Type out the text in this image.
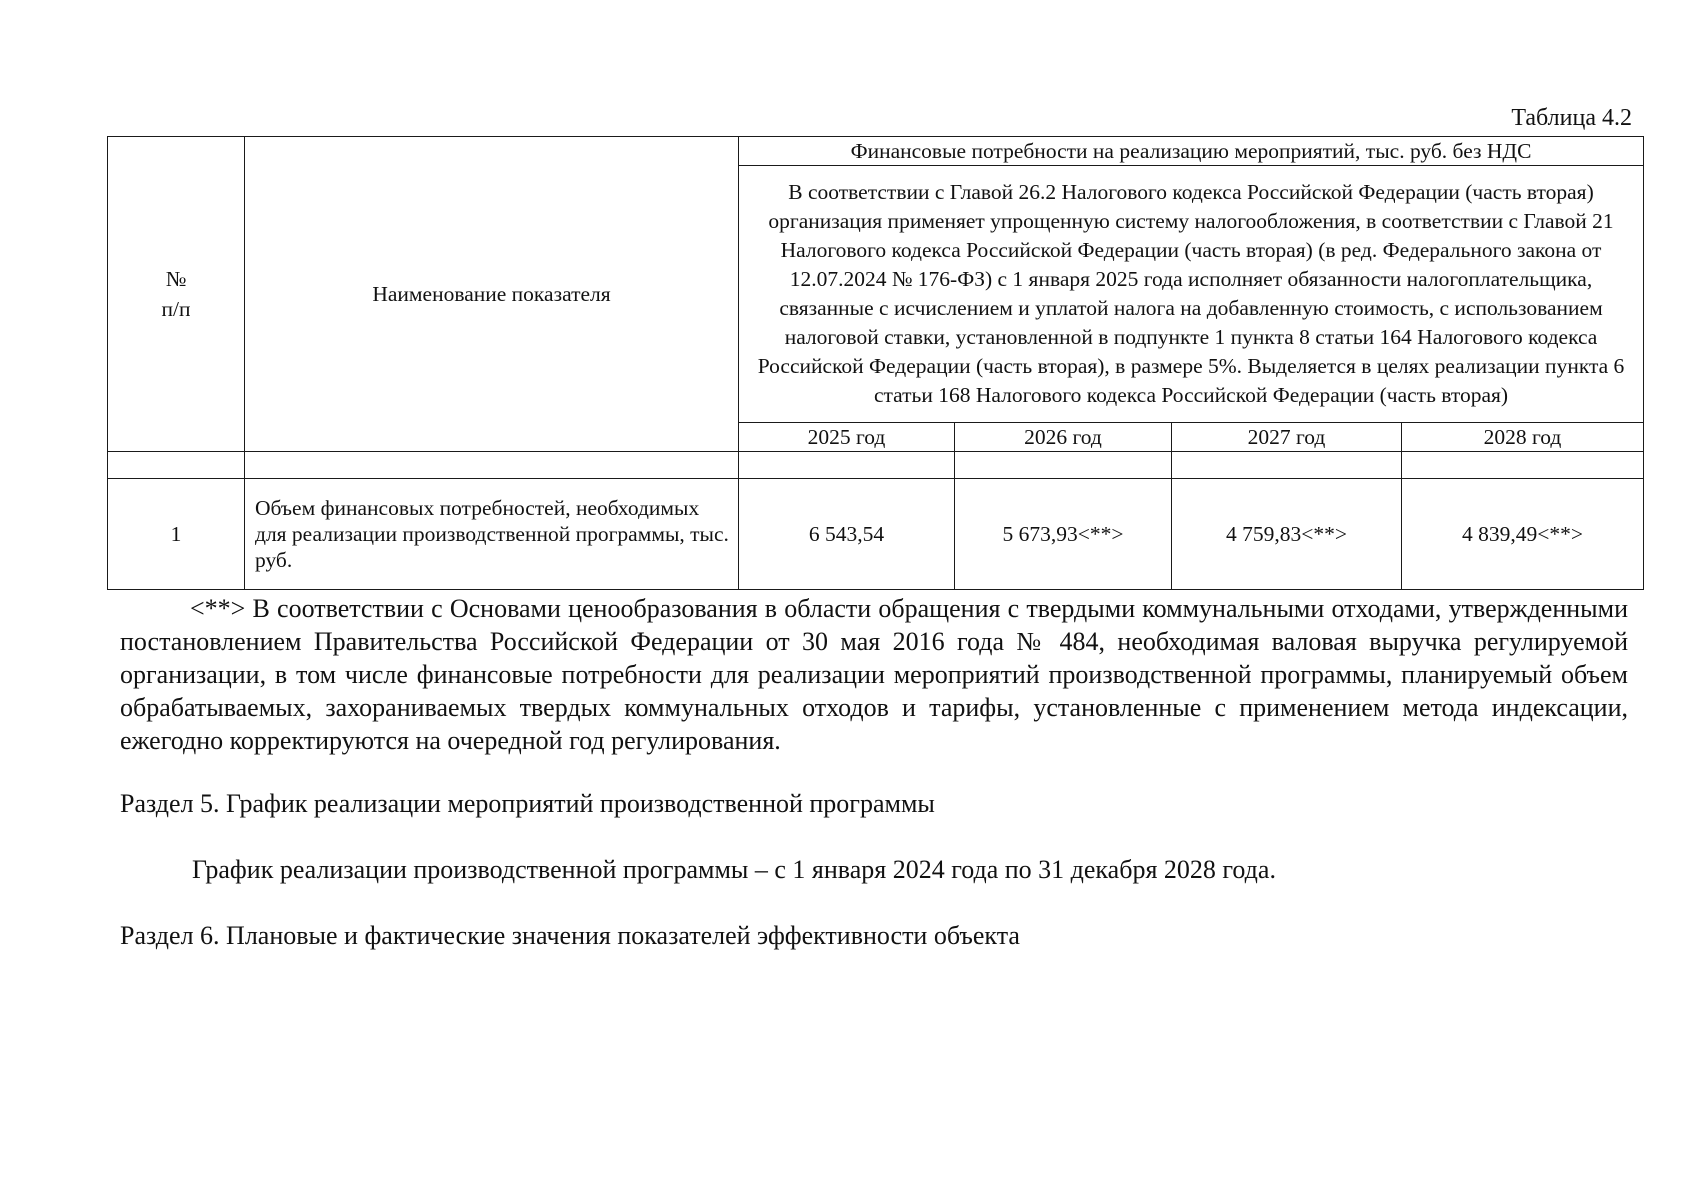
Таблица 4.2
№
п/п	Наименование показателя	Финансовые потребности на реализацию мероприятий, тыс. руб. без НДС			

		В соответствии с Главой 26.2 Налогового кодекса Российской Федерации (часть вторая) организация применяет упрощенную систему налогообложения, в соответствии с Главой 21 Налогового кодекса Российской Федерации (часть вторая) (в ред. Федерального закона от 12.07.2024 № 176-ФЗ) с 1 января 2025 года исполняет обязанности налогоплательщика, связанные с исчислением и уплатой налога на добавленную стоимость, с использованием налоговой ставки, установленной в подпункте 1 пункта 8 статьи 164 Налогового кодекса Российской Федерации (часть вторая), в размере 5%. Выделяется в целях реализации пункта 6 статьи 168 Налогового кодекса Российской Федерации (часть вторая)			

		2025 год	2026 год	2027 год	2028 год

1	Объем финансовых потребностей, необходимых для реализации производственной программы, тыс. руб.	6 543,54	5 673,93<**>	4 759,83<**>	4 839,49<**>

<**> В соответствии с Основами ценообразования в области обращения с твердыми коммунальными отходами, утвержденными постановлением Правительства Российской Федерации от 30 мая 2016 года № 484, необходимая валовая выручка регулируемой организации, в том числе финансовые потребности для реализации мероприятий производственной программы, планируемый объем обрабатываемых, захораниваемых твердых коммунальных отходов и тарифы, установленные с применением метода индексации, ежегодно корректируются на очередной год регулирования.

Раздел 5. График реализации мероприятий производственной программы

График реализации производственной программы – с 1 января 2024 года по 31 декабря 2028 года.

Раздел 6. Плановые и фактические значения показателей эффективности объекта
